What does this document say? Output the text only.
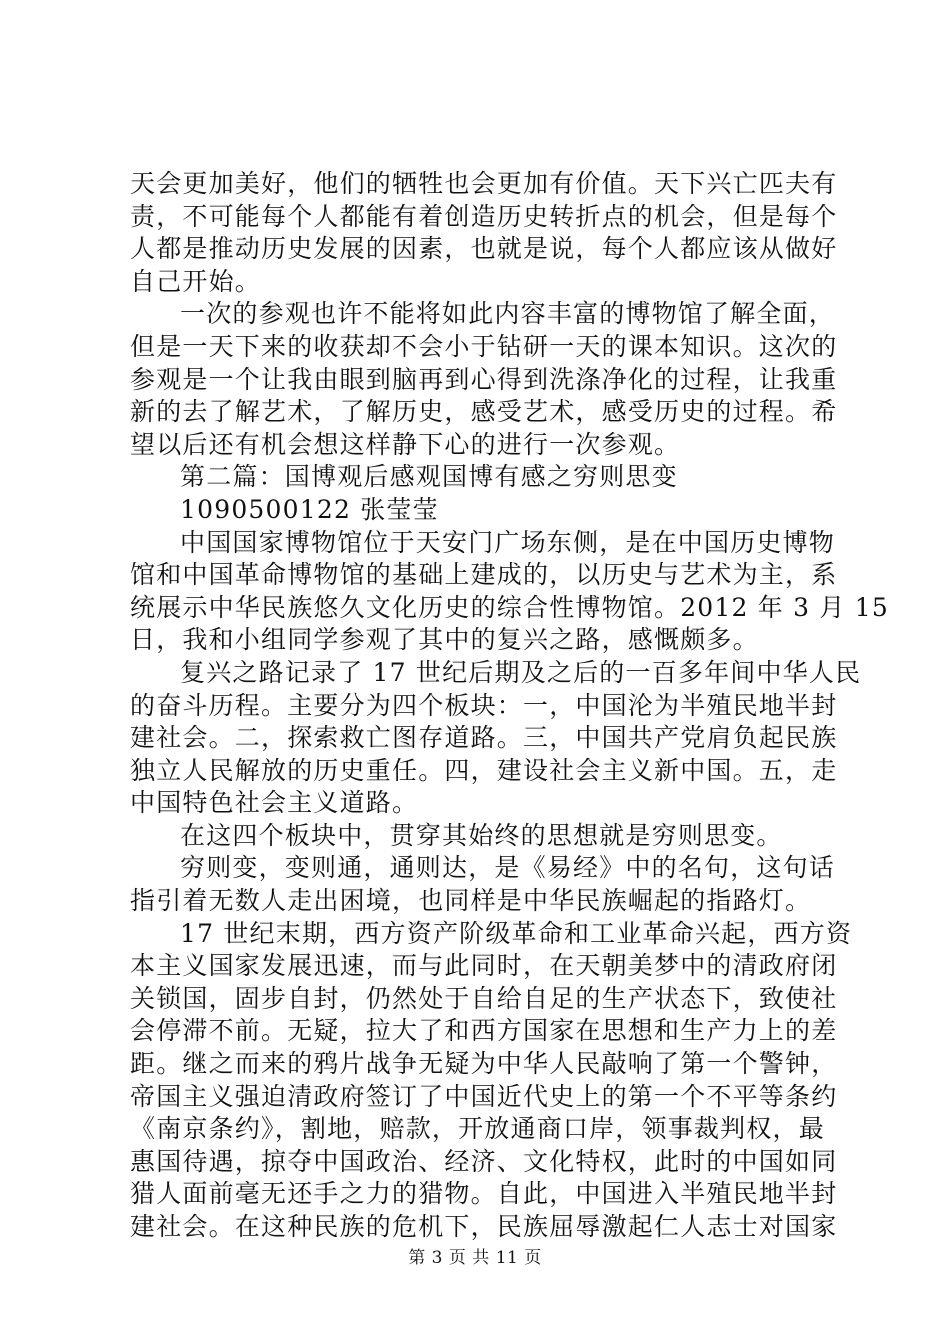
天会更加美好，他们的牺牲也会更加有价值。天下兴亡匹夫有
责，不可能每个人都能有着创造历史转折点的机会，但是每个
人都是推动历史发展的因素，也就是说，每个人都应该从做好
自己开始。
一次的参观也许不能将如此内容丰富的博物馆了解全面，
但是一天下来的收获却不会小于钻研一天的课本知识。这次的
参观是一个让我由眼到脑再到心得到洗涤净化的过程，让我重
新的去了解艺术，了解历史，感受艺术，感受历史的过程。希
望以后还有机会想这样静下心的进行一次参观。
第二篇：国博观后感观国博有感之穷则思变
1090500122 张莹莹
中国国家博物馆位于天安门广场东侧，是在中国历史博物
馆和中国革命博物馆的基础上建成的，以历史与艺术为主，系
统展示中华民族悠久文化历史的综合性博物馆。2012 年 3 月 15
日，我和小组同学参观了其中的复兴之路，感慨颇多。
复兴之路记录了 17 世纪后期及之后的一百多年间中华人民
的奋斗历程。主要分为四个板块：一，中国沦为半殖民地半封
建社会。二，探索救亡图存道路。三，中国共产党肩负起民族
独立人民解放的历史重任。四，建设社会主义新中国。五，走
中国特色社会主义道路。
在这四个板块中，贯穿其始终的思想就是穷则思变。
穷则变，变则通，通则达，是《易经》中的名句，这句话
指引着无数人走出困境，也同样是中华民族崛起的指路灯。
17 世纪末期，西方资产阶级革命和工业革命兴起，西方资
本主义国家发展迅速，而与此同时，在天朝美梦中的清政府闭
关锁国，固步自封，仍然处于自给自足的生产状态下，致使社
会停滞不前。无疑，拉大了和西方国家在思想和生产力上的差
距。继之而来的鸦片战争无疑为中华人民敲响了第一个警钟，
帝国主义强迫清政府签订了中国近代史上的第一个不平等条约
《南京条约》，割地，赔款，开放通商口岸，领事裁判权，最
惠国待遇，掠夺中国政治、经济、文化特权，此时的中国如同
猎人面前毫无还手之力的猎物。自此，中国进入半殖民地半封
建社会。在这种民族的危机下，民族屈辱激起仁人志士对国家
第 3 页 共 11 页
